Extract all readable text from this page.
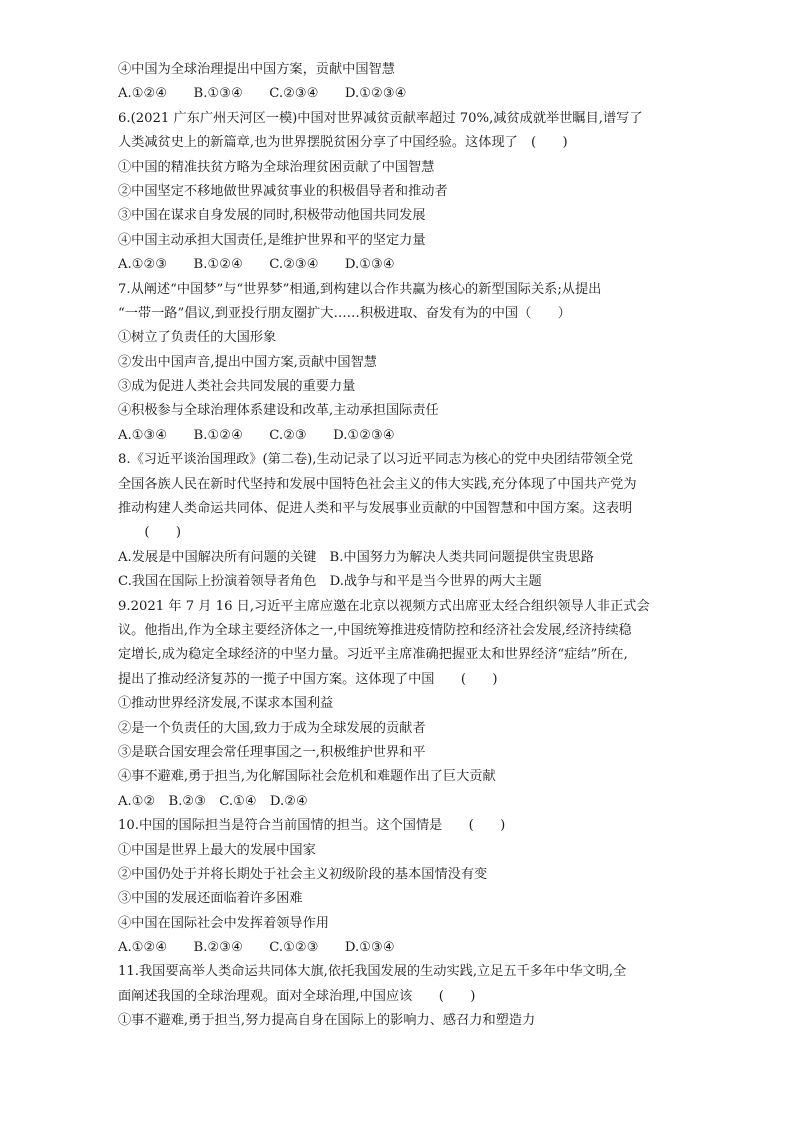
④中国为全球治理提出中国方案，贡献中国智慧
A.①②④　　B.①③④　　C.②③④　　D.①②③④
6.(2021 广东广州天河区一模)中国对世界减贫贡献率超过 70%,减贫成就举世瞩目,谱写了
人类减贫史上的新篇章,也为世界摆脱贫困分享了中国经验。这体现了　(　　)
①中国的精准扶贫方略为全球治理贫困贡献了中国智慧
②中国坚定不移地做世界减贫事业的积极倡导者和推动者
③中国在谋求自身发展的同时,积极带动他国共同发展
④中国主动承担大国责任,是维护世界和平的坚定力量
A.①②③　　B.①②④　　C.②③④　　D.①③④
7.从阐述“中国梦”与“世界梦”相通,到构建以合作共赢为核心的新型国际关系;从提出
“一带一路”倡议,到亚投行朋友圈扩大……积极进取、奋发有为的中国（　　）
①树立了负责任的大国形象
②发出中国声音,提出中国方案,贡献中国智慧
③成为促进人类社会共同发展的重要力量
④积极参与全球治理体系建设和改革,主动承担国际责任
A.①③④　　B.①②④　　C.②③　　D.①②③④
8.《习近平谈治国理政》(第二卷),生动记录了以习近平同志为核心的党中央团结带领全党
全国各族人民在新时代坚持和发展中国特色社会主义的伟大实践,充分体现了中国共产党为
推动构建人类命运共同体、促进人类和平与发展事业贡献的中国智慧和中国方案。这表明
　　(　　)
A.发展是中国解决所有问题的关键　B.中国努力为解决人类共同问题提供宝贵思路
C.我国在国际上扮演着领导者角色　D.战争与和平是当今世界的两大主题
9.2021 年 7 月 16 日,习近平主席应邀在北京以视频方式出席亚太经合组织领导人非正式会
议。他指出,作为全球主要经济体之一,中国统筹推进疫情防控和经济社会发展,经济持续稳
定增长,成为稳定全球经济的中坚力量。习近平主席准确把握亚太和世界经济“症结”所在,
提出了推动经济复苏的一揽子中国方案。这体现了中国　　(　　)
①推动世界经济发展,不谋求本国利益
②是一个负责任的大国,致力于成为全球发展的贡献者
③是联合国安理会常任理事国之一,积极维护世界和平
④事不避难,勇于担当,为化解国际社会危机和难题作出了巨大贡献
A.①②　B.②③　C.①④　D.②④
10.中国的国际担当是符合当前国情的担当。这个国情是　　(　　)
①中国是世界上最大的发展中国家
②中国仍处于并将长期处于社会主义初级阶段的基本国情没有变
③中国的发展还面临着许多困难
④中国在国际社会中发挥着领导作用
A.①②④　　B.②③④　　C.①②③　　D.①③④
11.我国要高举人类命运共同体大旗,依托我国发展的生动实践,立足五千多年中华文明,全
面阐述我国的全球治理观。面对全球治理,中国应该　　(　　)
①事不避难,勇于担当,努力提高自身在国际上的影响力、感召力和塑造力
